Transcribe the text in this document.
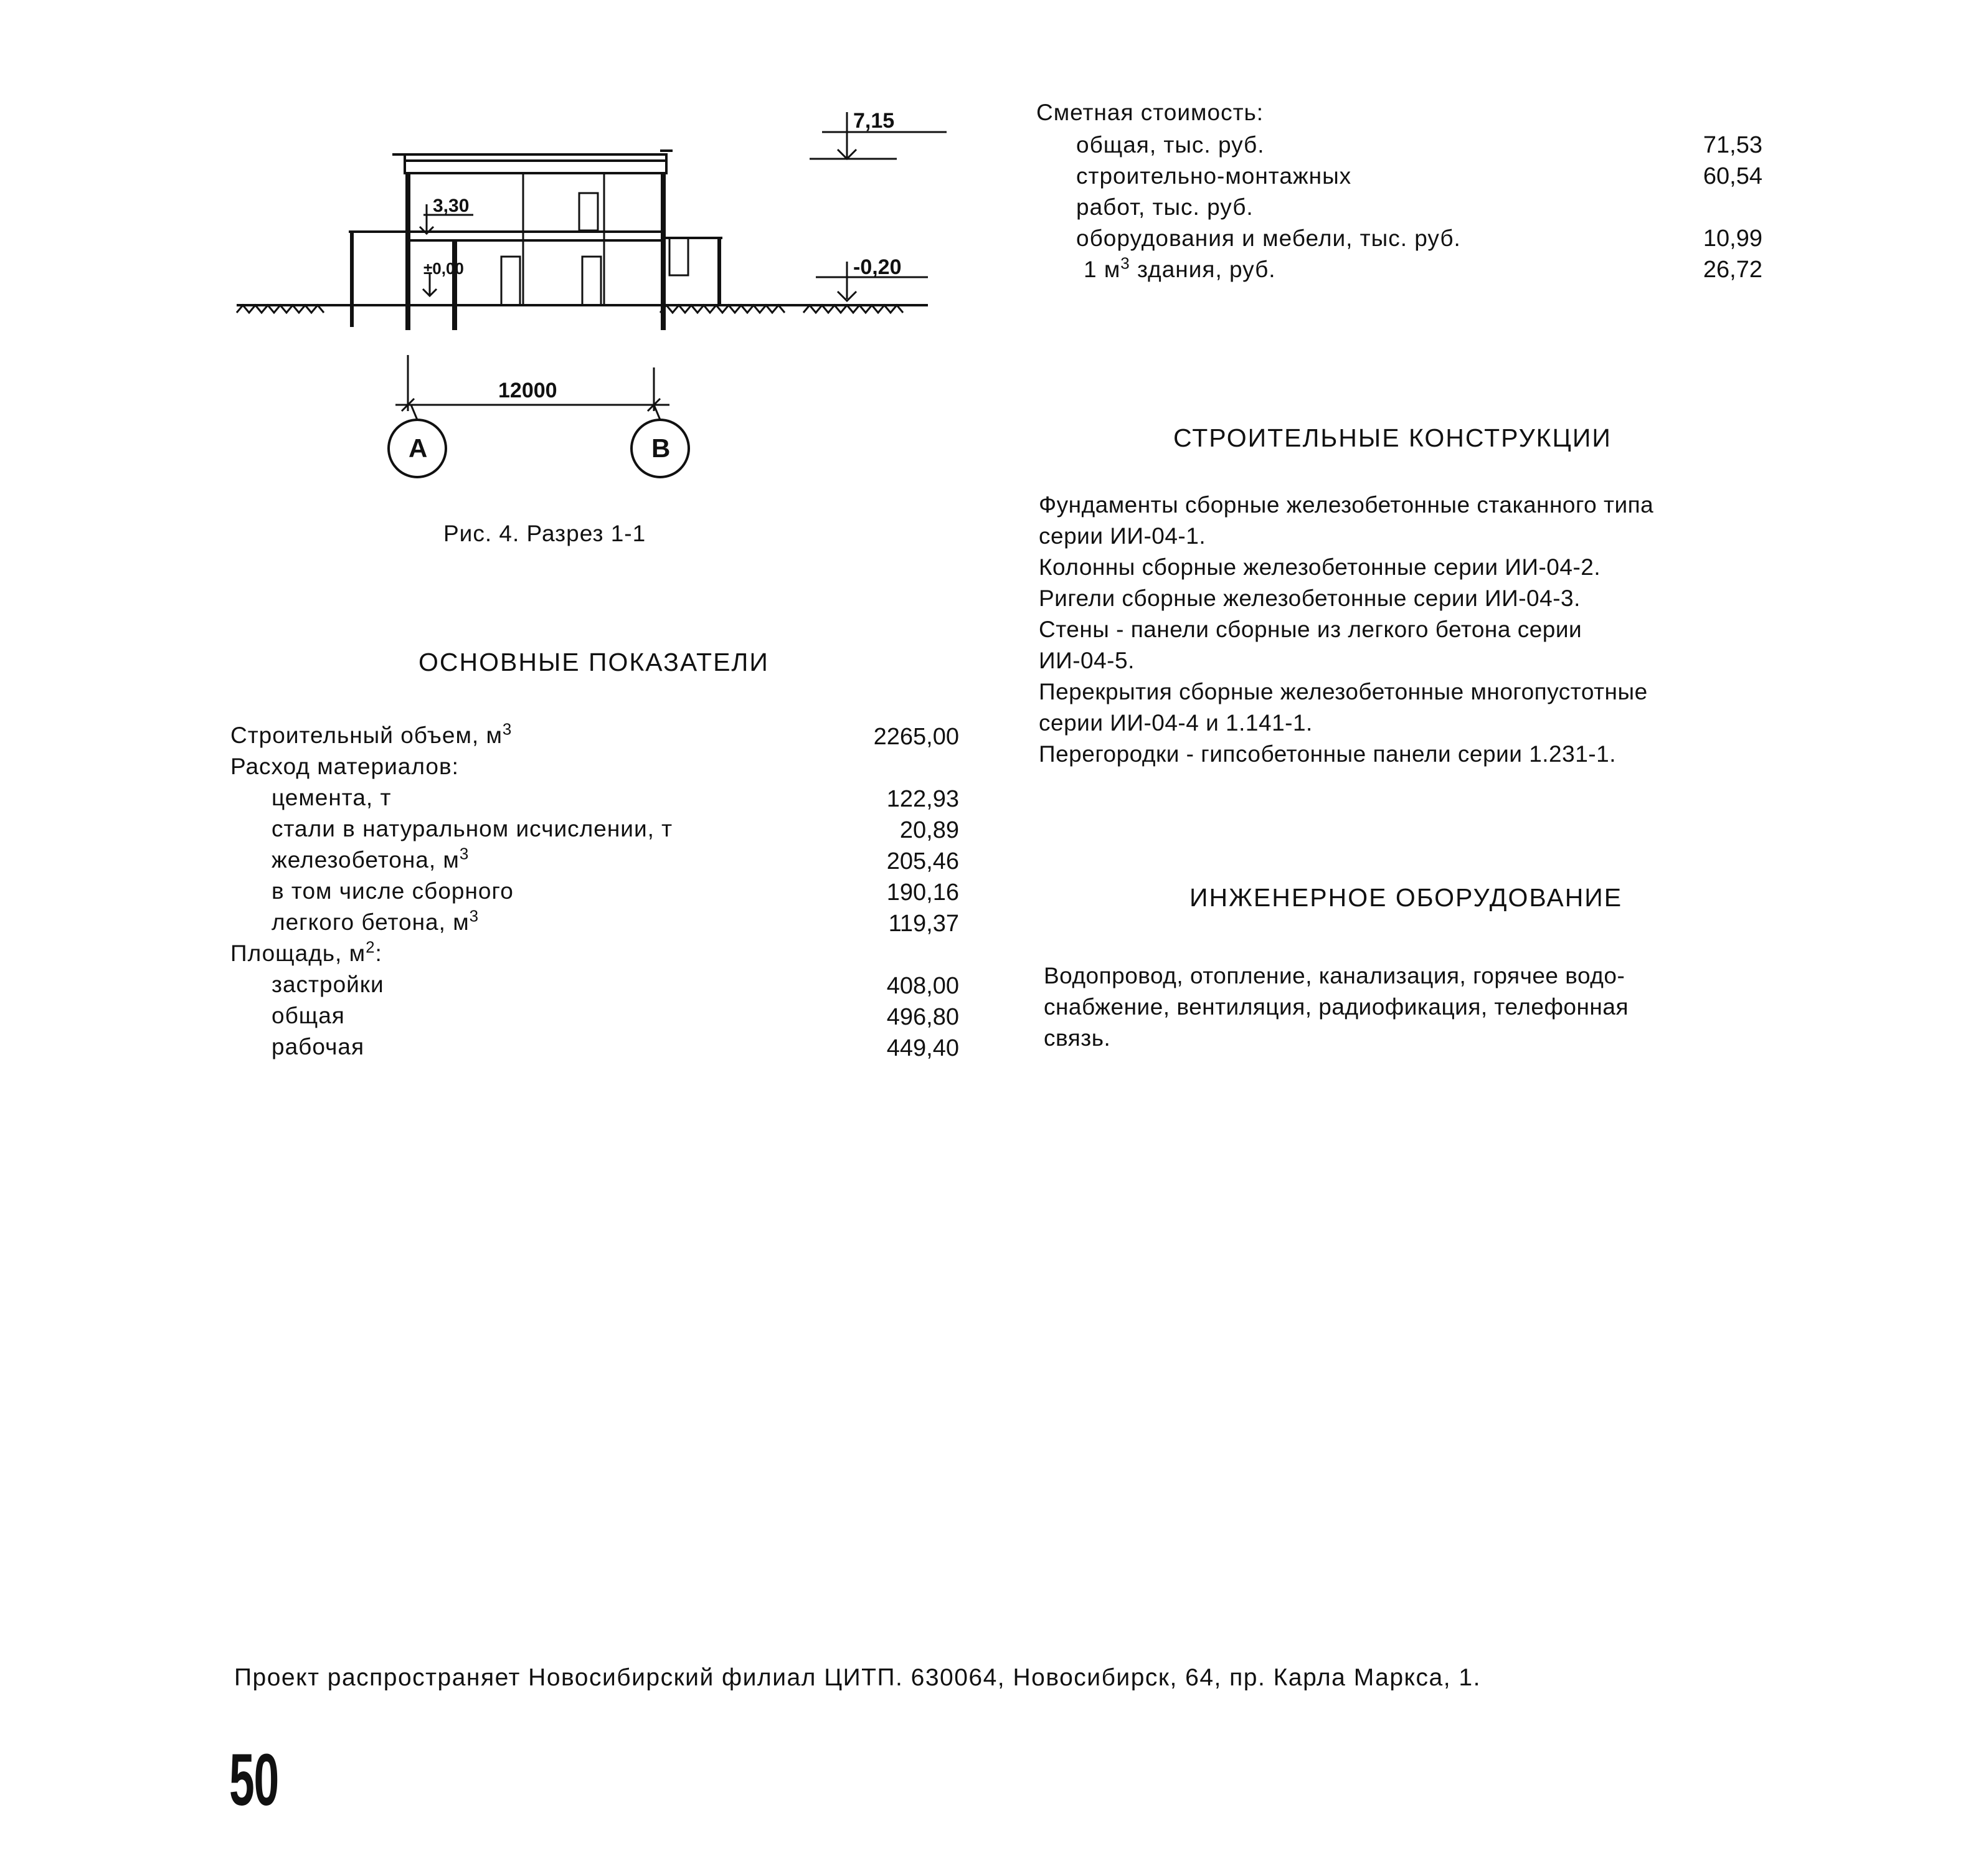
7,15
3,30
±0,00	-0,20
12000
А	В
Рис. 4. Разрез 1-1
Сметная стоимость:
общая, тыс. руб.	71,53
строительно-монтажных	60,54
работ, тыс. руб.
оборудования и мебели, тыс. руб.	10,99
1 $м^3$ здания, руб.	26,72
ОСНОВНЫЕ ПОКАЗАТЕЛИ
Строительный объем, $м^3$	2265,00
Расход материалов:
цемента, т	122,93
стали в натуральном исчислении, т	20,89
железобетона, $м^3$	205,46
в том числе сборного	190,16
легкого бетона, $м^3$	119,37
Площадь, $м^2$:
застройки	408,00
общая	496,80
рабочая	449,40
СТРОИТЕЛЬНЫЕ КОНСТРУКЦИИ
Фундаменты сборные железобетонные стаканного типа
серии ИИ-04-1.
Колонны сборные железобетонные серии ИИ-04-2.
Ригели сборные железобетонные серии ИИ-04-3.
Стены - панели сборные из легкого бетона серии
ИИ-04-5.
Перекрытия сборные железобетонные многопустотные
серии ИИ-04-4 и 1.141-1.
Перегородки - гипсобетонные панели серии 1.231-1.
ИНЖЕНЕРНОЕ ОБОРУДОВАНИЕ
Водопровод, отопление, канализация, горячее водо-
снабжение, вентиляция, радиофикация, телефонная
связь.
Проект распространяет Новосибирский филиал ЦИТП. 630064, Новосибирск, 64, пр. Карла Маркса, 1.
50
